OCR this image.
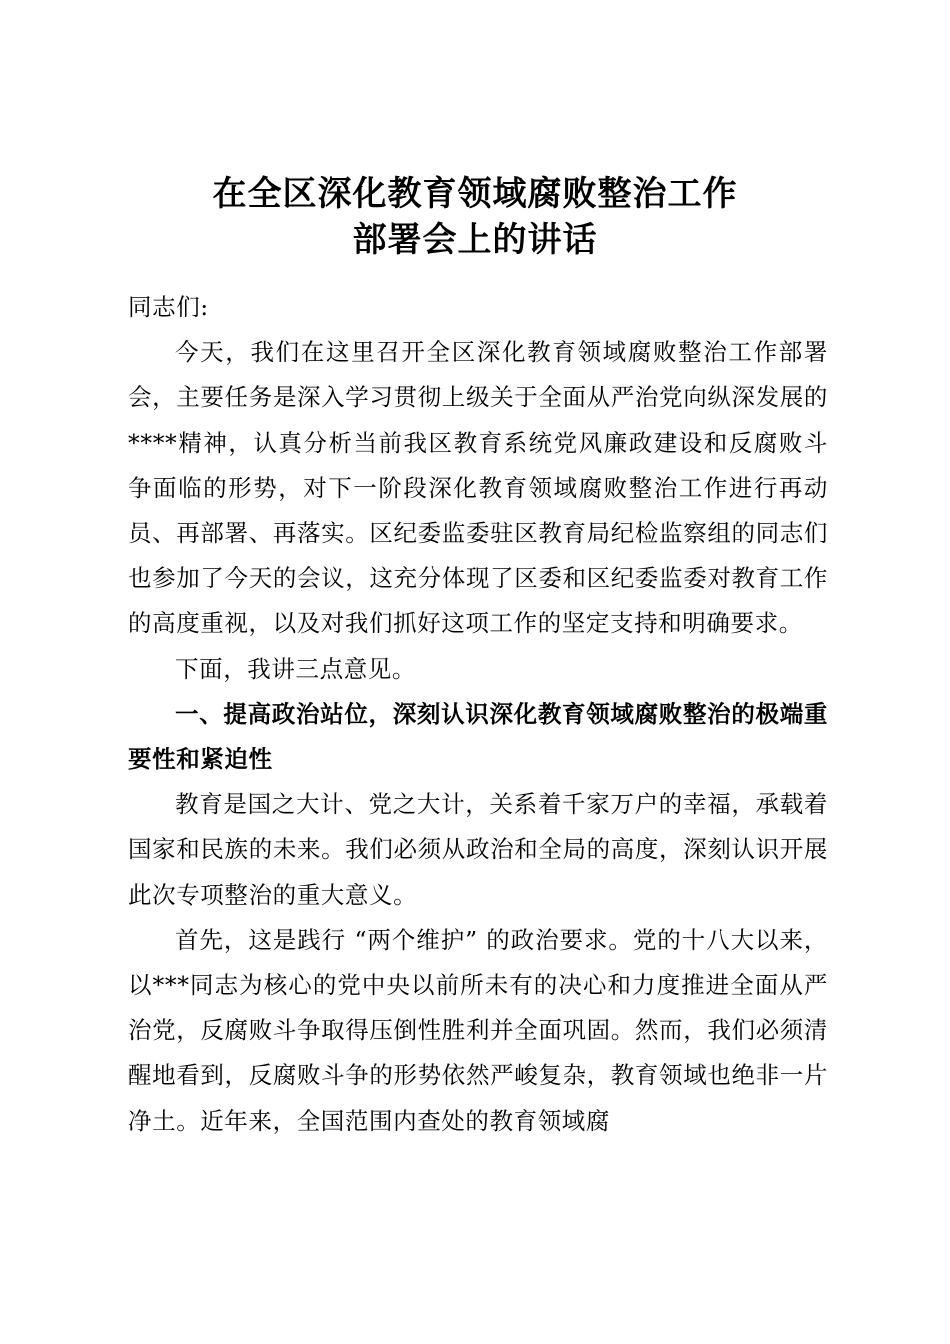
在全区深化教育领域腐败整治工作
部署会上的讲话

同志们:

今天，我们在这里召开全区深化教育领域腐败整治工作部署会，主要任务是深入学习贯彻上级关于全面从严治党向纵深发展的****精神，认真分析当前我区教育系统党风廉政建设和反腐败斗争面临的形势，对下一阶段深化教育领域腐败整治工作进行再动员、再部署、再落实。区纪委监委驻区教育局纪检监察组的同志们也参加了今天的会议，这充分体现了区委和区纪委监委对教育工作的高度重视，以及对我们抓好这项工作的坚定支持和明确要求。

下面，我讲三点意见。

一、提高政治站位，深刻认识深化教育领域腐败整治的极端重要性和紧迫性

教育是国之大计、党之大计，关系着千家万户的幸福，承载着国家和民族的未来。我们必须从政治和全局的高度，深刻认识开展此次专项整治的重大意义。

首先，这是践行 “两个维护” 的政治要求。党的十八大以来，以***同志为核心的党中央以前所未有的决心和力度推进全面从严治党，反腐败斗争取得压倒性胜利并全面巩固。然而，我们必须清醒地看到，反腐败斗争的形势依然严峻复杂，教育领域也绝非一片净土。近年来，全国范围内查处的教育领域腐
